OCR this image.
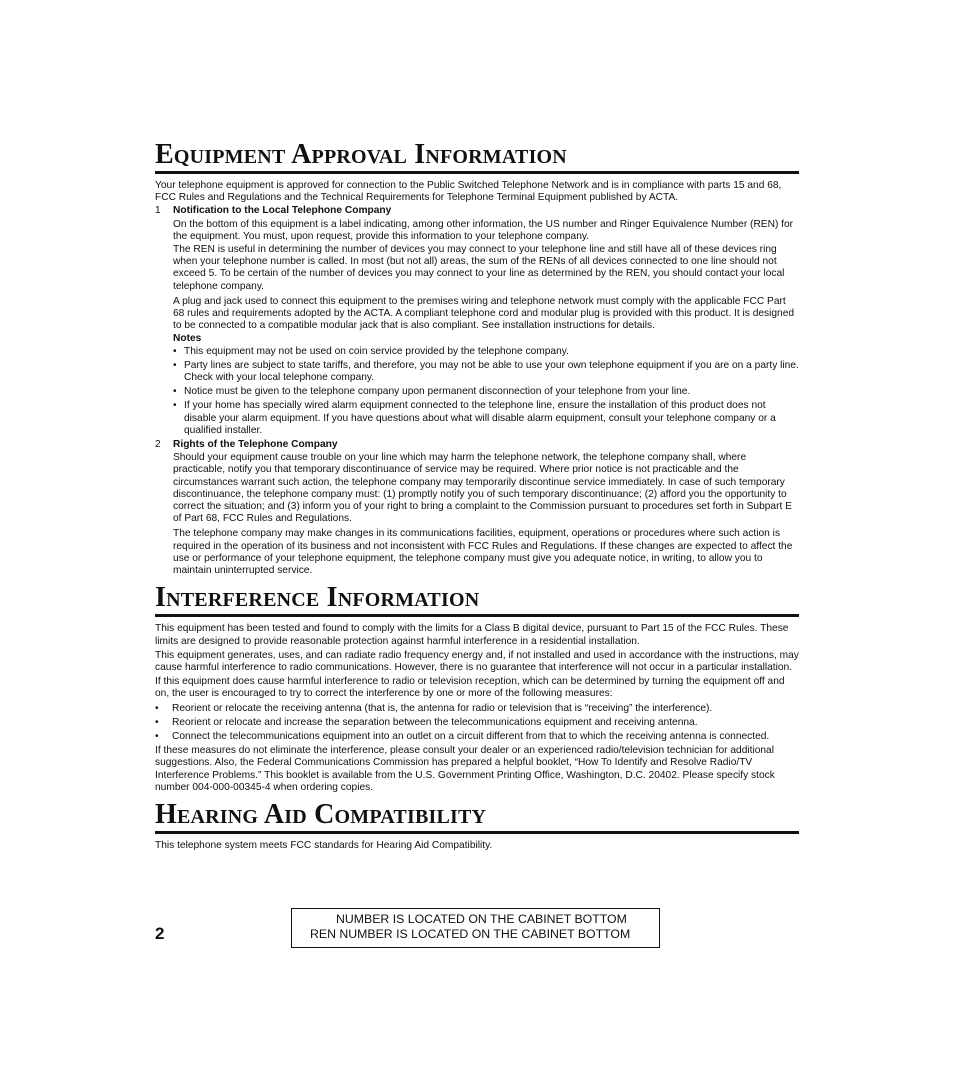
Equipment Approval Information

Your telephone equipment is approved for connection to the Public Switched Telephone Network and is in compliance with parts 15 and 68, FCC Rules and Regulations and the Technical Requirements for Telephone Terminal Equipment published by ACTA.

1 Notification to the Local Telephone Company

On the bottom of this equipment is a label indicating, among other information, the US number and Ringer Equivalence Number (REN) for the equipment. You must, upon request, provide this information to your telephone company.

The REN is useful in determining the number of devices you may connect to your telephone line and still have all of these devices ring when your telephone number is called. In most (but not all) areas, the sum of the RENs of all devices connected to one line should not exceed 5. To be certain of the number of devices you may connect to your line as determined by the REN, you should contact your local telephone company.

A plug and jack used to connect this equipment to the premises wiring and telephone network must comply with the applicable FCC Part 68 rules and requirements adopted by the ACTA. A compliant telephone cord and modular plug is provided with this product. It is designed to be connected to a compatible modular jack that is also compliant. See installation instructions for details.

Notes

• This equipment may not be used on coin service provided by the telephone company.
• Party lines are subject to state tariffs, and therefore, you may not be able to use your own telephone equipment if you are on a party line. Check with your local telephone company.
• Notice must be given to the telephone company upon permanent disconnection of your telephone from your line.
• If your home has specially wired alarm equipment connected to the telephone line, ensure the installation of this product does not disable your alarm equipment. If you have questions about what will disable alarm equipment, consult your telephone company or a qualified installer.
2 Rights of the Telephone Company

Should your equipment cause trouble on your line which may harm the telephone network, the telephone company shall, where practicable, notify you that temporary discontinuance of service may be required. Where prior notice is not practicable and the circumstances warrant such action, the telephone company may temporarily discontinue service immediately. In case of such temporary discontinuance, the telephone company must: (1) promptly notify you of such temporary discontinuance; (2) afford you the opportunity to correct the situation; and (3) inform you of your right to bring a complaint to the Commission pursuant to procedures set forth in Subpart E of Part 68, FCC Rules and Regulations.

The telephone company may make changes in its communications facilities, equipment, operations or procedures where such action is required in the operation of its business and not inconsistent with FCC Rules and Regulations. If these changes are expected to affect the use or performance of your telephone equipment, the telephone company must give you adequate notice, in writing, to allow you to maintain uninterrupted service.

Interference Information

This equipment has been tested and found to comply with the limits for a Class B digital device, pursuant to Part 15 of the FCC Rules. These limits are designed to provide reasonable protection against harmful interference in a residential installation.

This equipment generates, uses, and can radiate radio frequency energy and, if not installed and used in accordance with the instructions, may cause harmful interference to radio communications. However, there is no guarantee that interference will not occur in a particular installation.

If this equipment does cause harmful interference to radio or television reception, which can be determined by turning the equipment off and on, the user is encouraged to try to correct the interference by one or more of the following measures:

• Reorient or relocate the receiving antenna (that is, the antenna for radio or television that is “receiving” the interference).
• Reorient or relocate and increase the separation between the telecommunications equipment and receiving antenna.
• Connect the telecommunications equipment into an outlet on a circuit different from that to which the receiving antenna is connected.

If these measures do not eliminate the interference, please consult your dealer or an experienced radio/television technician for additional suggestions. Also, the Federal Communications Commission has prepared a helpful booklet, “How To Identify and Resolve Radio/TV Interference Problems.” This booklet is available from the U.S. Government Printing Office, Washington, D.C. 20402. Please specify stock number 004-000-00345-4 when ordering copies.

Hearing Aid Compatibility

This telephone system meets FCC standards for Hearing Aid Compatibility.

2
NUMBER IS LOCATED ON THE CABINET BOTTOM
REN NUMBER IS LOCATED ON THE CABINET BOTTOM
